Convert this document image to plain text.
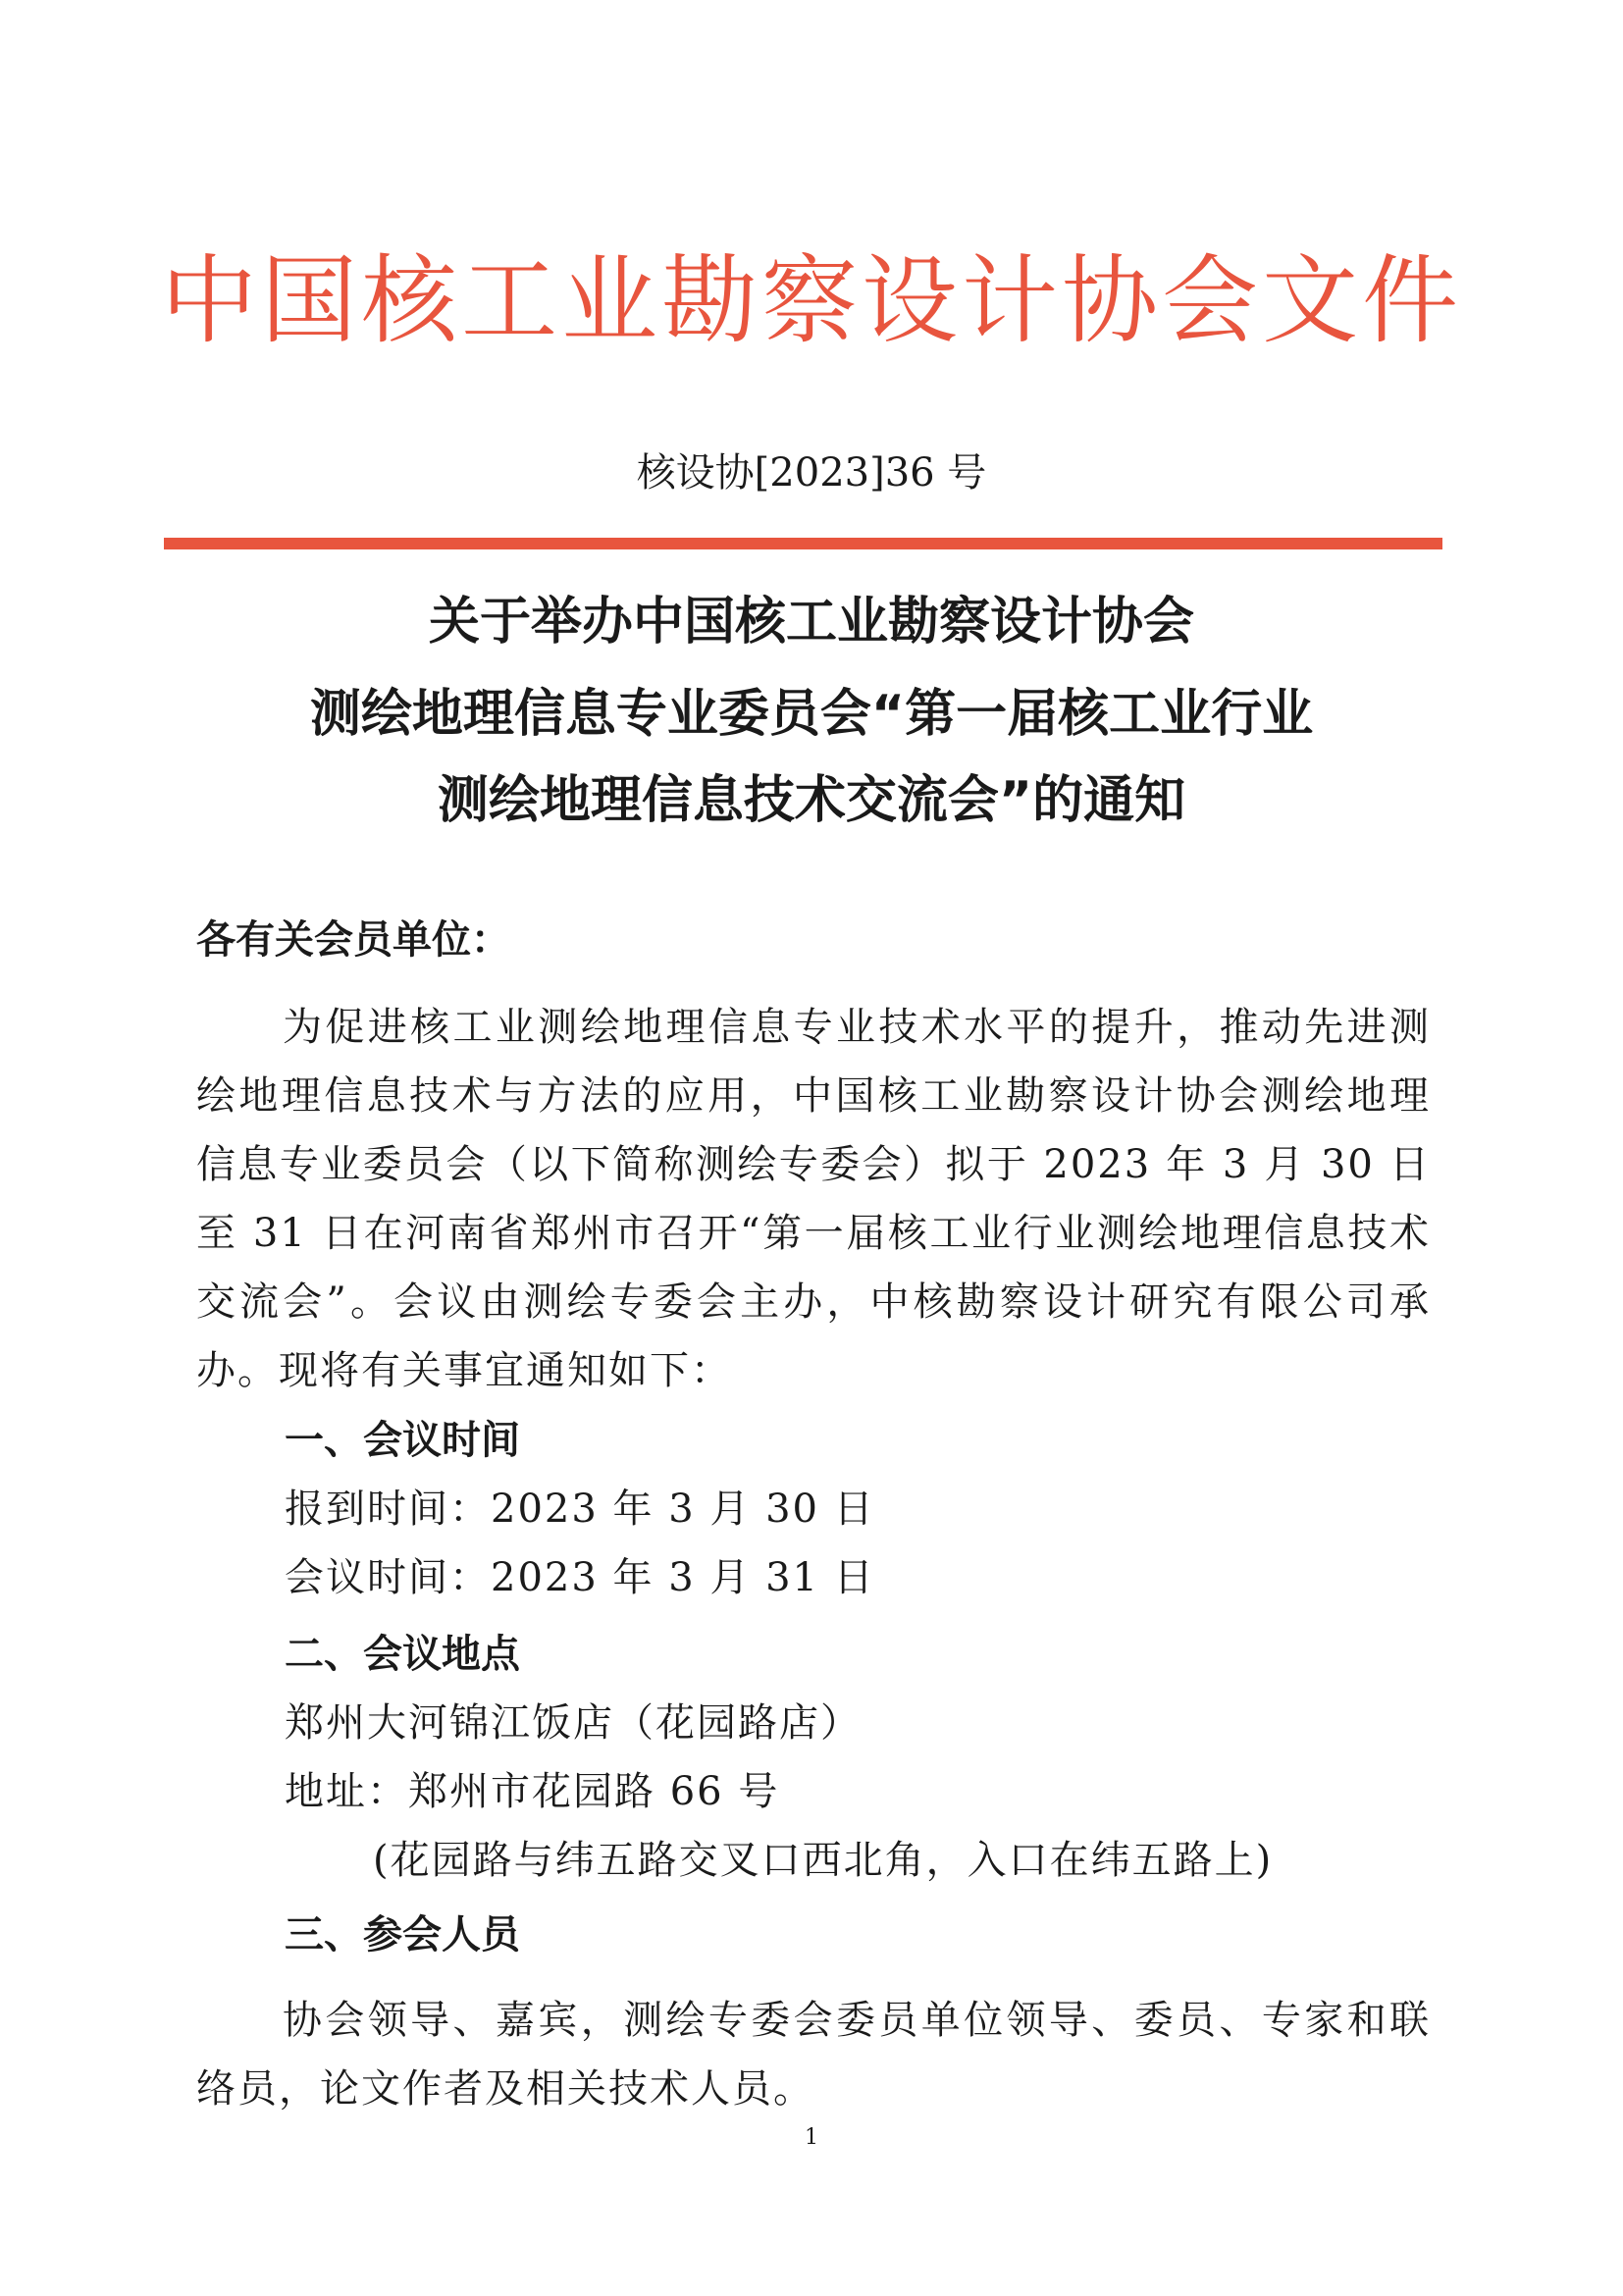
中国核工业勘察设计协会文件
核设协[2023]36 号
关于举办中国核工业勘察设计协会
测绘地理信息专业委员会“第一届核工业行业
测绘地理信息技术交流会”的通知
各有关会员单位：

为促进核工业测绘地理信息专业技术水平的提升，推动先进测绘地理信息技术与方法的应用，中国核工业勘察设计协会测绘地理信息专业委员会（以下简称测绘专委会）拟于 2023 年 3 月 30 日至 31 日在河南省郑州市召开“第一届核工业行业测绘地理信息技术交流会”。会议由测绘专委会主办，中核勘察设计研究有限公司承办。现将有关事宜通知如下：

一、会议时间
报到时间：2023 年 3 月 30 日
会议时间：2023 年 3 月 31 日
二、会议地点
郑州大河锦江饭店（花园路店）
地址：郑州市花园路 66 号
(花园路与纬五路交叉口西北角，入口在纬五路上)
三、参会人员

协会领导、嘉宾，测绘专委会委员单位领导、委员、专家和联络员，论文作者及相关技术人员。

1
